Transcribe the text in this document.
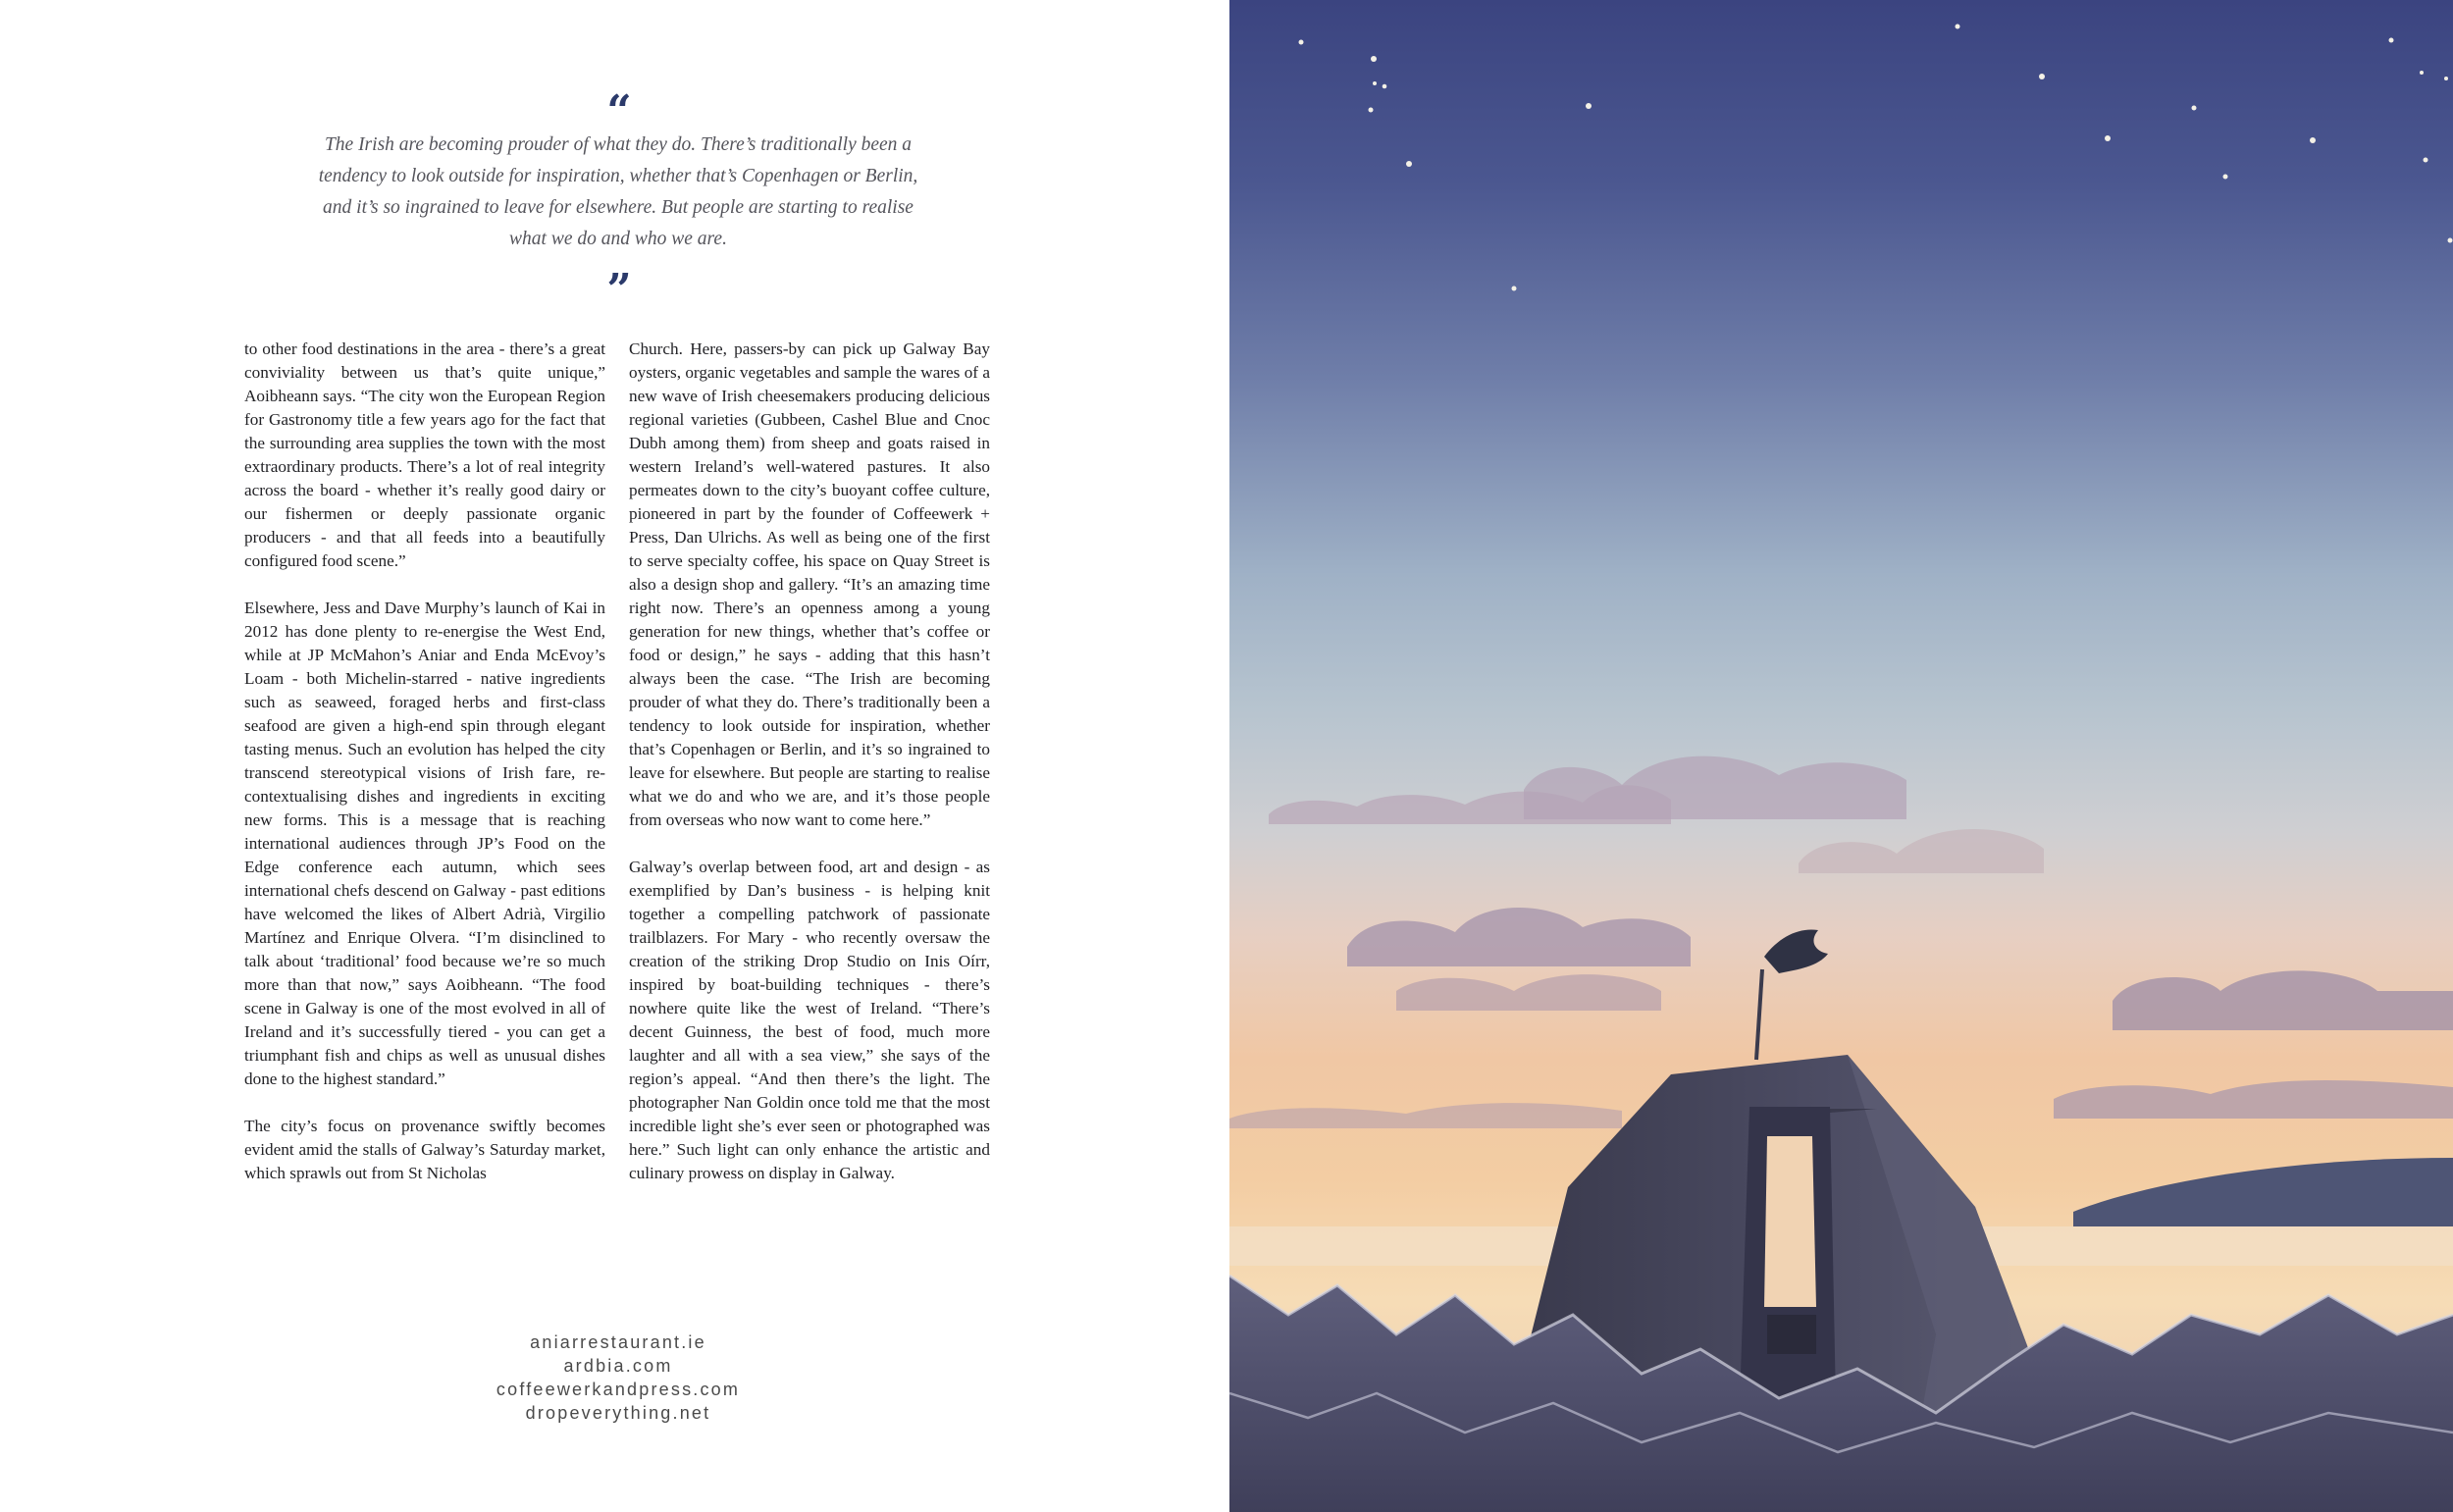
“
The Irish are becoming prouder of what they do. There’s traditionally been a tendency to look outside for inspiration, whether that’s Copenhagen or Berlin, and it’s so ingrained to leave for elsewhere. But people are starting to realise what we do and who we are.
”

to other food destinations in the area - there’s a great conviviality between us that’s quite unique,” Aoibheann says. “The city won the European Region for Gastronomy title a few years ago for the fact that the surrounding area supplies the town with the most extraordinary products. There’s a lot of real integrity across the board - whether it’s really good dairy or our fishermen or deeply passionate organic producers - and that all feeds into a beautifully configured food scene.”

Elsewhere, Jess and Dave Murphy’s launch of Kai in 2012 has done plenty to re-energise the West End, while at JP McMahon’s Aniar and Enda McEvoy’s Loam - both Michelin-starred - native ingredients such as seaweed, foraged herbs and first-class seafood are given a high-end spin through elegant tasting menus. Such an evolution has helped the city transcend stereotypical visions of Irish fare, re-contextualising dishes and ingredients in exciting new forms. This is a message that is reaching international audiences through JP’s Food on the Edge conference each autumn, which sees international chefs descend on Galway - past editions have welcomed the likes of Albert Adrià, Virgilio Martínez and Enrique Olvera. “I’m disinclined to talk about ‘traditional’ food because we’re so much more than that now,” says Aoibheann. “The food scene in Galway is one of the most evolved in all of Ireland and it’s successfully tiered - you can get a triumphant fish and chips as well as unusual dishes done to the highest standard.”

The city’s focus on provenance swiftly becomes evident amid the stalls of Galway’s Saturday market, which sprawls out from St Nicholas

Church. Here, passers-by can pick up Galway Bay oysters, organic vegetables and sample the wares of a new wave of Irish cheesemakers producing delicious regional varieties (Gubbeen, Cashel Blue and Cnoc Dubh among them) from sheep and goats raised in western Ireland’s well-watered pastures. It also permeates down to the city’s buoyant coffee culture, pioneered in part by the founder of Coffeewerk + Press, Dan Ulrichs. As well as being one of the first to serve specialty coffee, his space on Quay Street is also a design shop and gallery. “It’s an amazing time right now. There’s an openness among a young generation for new things, whether that’s coffee or food or design,” he says - adding that this hasn’t always been the case. “The Irish are becoming prouder of what they do. There’s traditionally been a tendency to look outside for inspiration, whether that’s Copenhagen or Berlin, and it’s so ingrained to leave for elsewhere. But people are starting to realise what we do and who we are, and it’s those people from overseas who now want to come here.”

Galway’s overlap between food, art and design - as exemplified by Dan’s business - is helping knit together a compelling patchwork of passionate trailblazers. For Mary - who recently oversaw the creation of the striking Drop Studio on Inis Oírr, inspired by boat-building techniques - there’s nowhere quite like the west of Ireland. “There’s decent Guinness, the best of food, much more laughter and all with a sea view,” she says of the region’s appeal. “And then there’s the light. The photographer Nan Goldin once told me that the most incredible light she’s ever seen or photographed was here.” Such light can only enhance the artistic and culinary prowess on display in Galway.

aniarrestaurant.ie
ardbia.com
coffeewerkandpress.com
dropeverything.net
